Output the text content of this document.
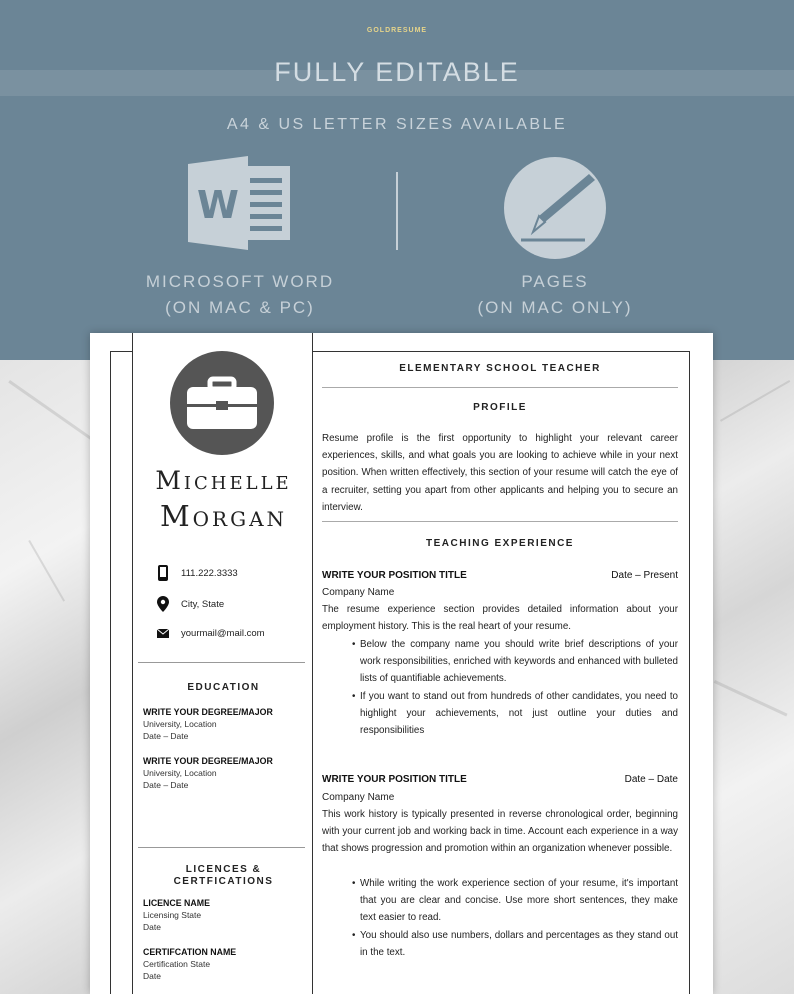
GOLDRESUME
FULLY EDITABLE
A4 & US LETTER SIZES AVAILABLE
W
MICROSOFT WORD
(ON MAC & PC)
PAGES
(ON MAC ONLY)
Michelle
Morgan
111.222.3333
City, State
yourmail@mail.com
EDUCATION
WRITE YOUR DEGREE/MAJOR
University, Location
Date – Date
WRITE YOUR DEGREE/MAJOR
University, Location
Date – Date
LICENCES &
CERTFICATIONS
LICENCE NAME
Licensing State
Date
CERTIFCATION NAME
Certification State
Date
ELEMENTARY SCHOOL TEACHER
PROFILE
Resume profile is the first opportunity to highlight your relevant career experiences, skills, and what goals you are looking to achieve while in your next position. When written effectively, this section of your resume will catch the eye of a recruiter, setting you apart from other applicants and helping you to secure an interview.
TEACHING EXPERIENCE
WRITE YOUR POSITION TITLE	Date – Present
Company Name
The resume experience section provides detailed information about your employment history. This is the real heart of your resume.
• Below the company name you should write brief descriptions of your work responsibilities, enriched with keywords and enhanced with bulleted lists of quantifiable achievements.
• If you want to stand out from hundreds of other candidates, you need to highlight your achievements, not just outline your duties and responsibilities
WRITE YOUR POSITION TITLE	Date – Date
Company Name
This work history is typically presented in reverse chronological order, beginning with your current job and working back in time. Account each experience in a way that shows progression and promotion within an organization whenever possible.
• While writing the work experience section of your resume, it's important that you are clear and concise. Use more short sentences, they make text easier to read.
• You should also use numbers, dollars and percentages as they stand out in the text.
